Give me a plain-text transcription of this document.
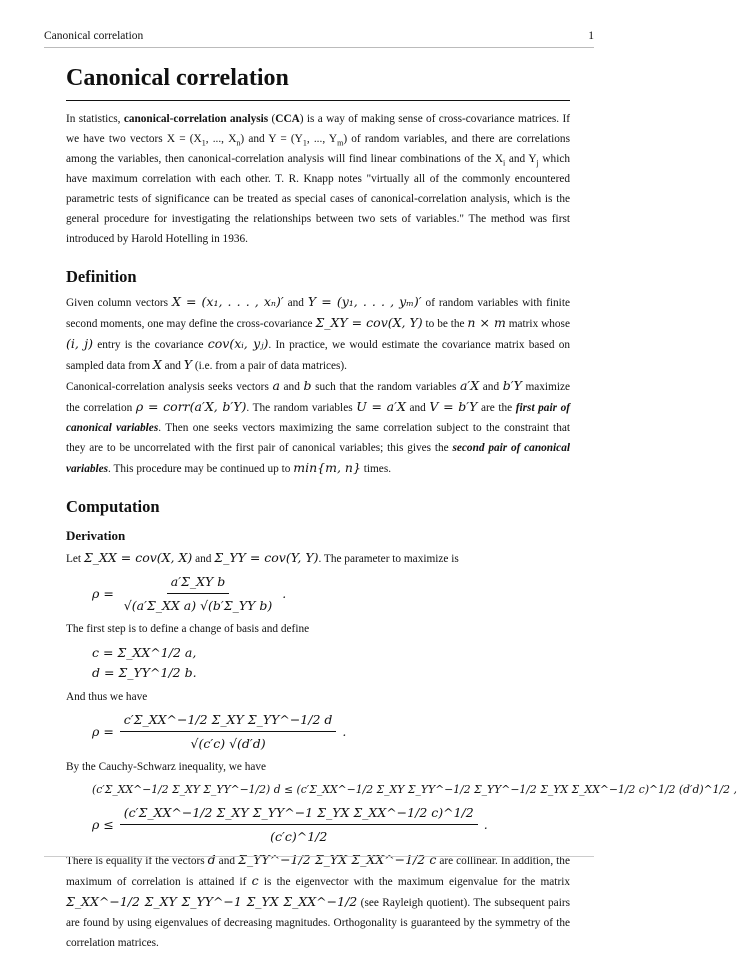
Canonical correlation	1
Canonical correlation

In statistics, canonical-correlation analysis (CCA) is a way of making sense of cross-covariance matrices. If we have two vectors $X = (X_1$, ..., $X_n$) and $Y = (Y_1$, ..., $Y_m$) of random variables, and there are correlations among the variables, then canonical-correlation analysis will find linear combinations of the $X_i$ and $Y_j$ which have maximum correlation with each other. T. R. Knapp notes "virtually all of the commonly encountered parametric tests of significance can be treated as special cases of canonical-correlation analysis, which is the general procedure for investigating the relationships between two sets of variables." The method was first introduced by Harold Hotelling in 1936.

Definition

Given column vectors X = (x₁, . . . , xₙ)′ and Y = (y₁, . . . , yₘ)′ of random variables with finite second moments, one may define the cross-covariance Σ_XY = cov(X, Y) to be the n × m matrix whose (i, j) entry is the covariance cov(xᵢ, yⱼ). In practice, we would estimate the covariance matrix based on sampled data from X and Y (i.e. from a pair of data matrices).

Canonical-correlation analysis seeks vectors a and b such that the random variables a′X and b′Y maximize the correlation ρ = corr(a′X, b′Y). The random variables U = a′X and V = b′Y are the first pair of canonical variables. Then one seeks vectors maximizing the same correlation subject to the constraint that they are to be uncorrelated with the first pair of canonical variables; this gives the second pair of canonical variables. This procedure may be continued up to min{m, n} times.

Computation
Derivation

Let Σ_XX = cov(X, X) and Σ_YY = cov(Y, Y). The parameter to maximize is

$\rho = \frac{\text{a′Σ\_XY b}}{\text{√(a′Σ\_XX a) √(b′Σ\_YY b)}}$ .

The first step is to define a change of basis and define

c = Σ_XX^1/2 a,
d = Σ_YY^1/2 b.

And thus we have

$\rho = \frac{\text{c′Σ\_XX\textasciicircum{}−1/2 Σ\_XY Σ\_YY\textasciicircum{}−1/2 d}}{√(c'c) √(d'd)}$ .

By the Cauchy-Schwarz inequality, we have

(c′Σ_XX^−1/2 Σ_XY Σ_YY^−1/2) d ≤ (c′Σ_XX^−1/2 Σ_XY Σ_YY^−1/2 Σ_YY^−1/2 Σ_YX Σ_XX^−1/2 c)^1/2 (d′d)^1/2 ,
$\rho \le \frac{\text{(c′Σ\_XX\textasciicircum{}−1/2 Σ\_XY Σ\_YY\textasciicircum{}−1 Σ\_YX Σ\_XX\textasciicircum{}−1/2 c)\textasciicircum{}1/2}}{(c'c)\^{}1/2}$ .

There is equality if the vectors d and Σ_YY^−1/2 Σ_YX Σ_XX^−1/2 c are collinear. In addition, the maximum of correlation is attained if c is the eigenvector with the maximum eigenvalue for the matrix Σ_XX^−1/2 Σ_XY Σ_YY^−1 Σ_YX Σ_XX^−1/2 (see Rayleigh quotient). The subsequent pairs are found by using eigenvalues of decreasing magnitudes. Orthogonality is guaranteed by the symmetry of the correlation matrices.
